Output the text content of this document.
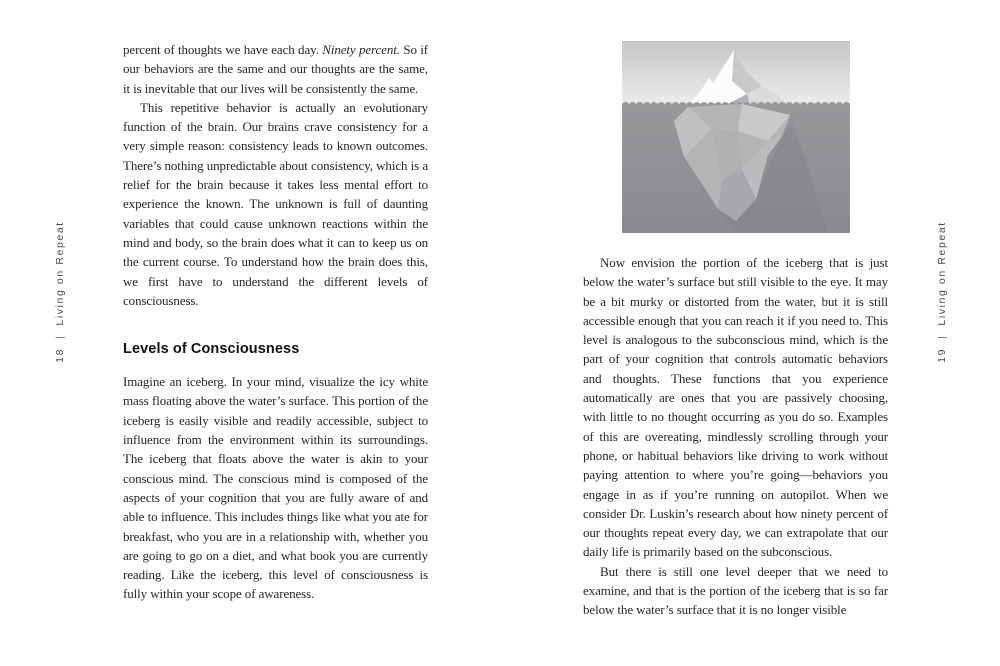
18|Living on Repeat
19|Living on Repeat

percent of thoughts we have each day. Ninety percent. So if our behaviors are the same and our thoughts are the same, it is inevitable that our lives will be consistently the same.

This repetitive behavior is actually an evolutionary function of the brain. Our brains crave consistency for a very simple reason: consistency leads to known outcomes. There’s nothing unpredictable about consistency, which is a relief for the brain because it takes less mental effort to experience the known. The unknown is full of daunting variables that could cause unknown reactions within the mind and body, so the brain does what it can to keep us on the current course. To understand how the brain does this, we first have to understand the different levels of consciousness.

Levels of Consciousness

Imagine an iceberg. In your mind, visualize the icy white mass floating above the water’s surface. This portion of the iceberg is easily visible and readily accessible, subject to influence from the environment within its surroundings. The iceberg that floats above the water is akin to your conscious mind. The conscious mind is composed of the aspects of your cognition that you are fully aware of and able to influence. This includes things like what you ate for breakfast, who you are in a relationship with, whether you are going to go on a diet, and what book you are currently reading. Like the iceberg, this level of consciousness is fully within your scope of awareness.

Now envision the portion of the iceberg that is just below the water’s surface but still visible to the eye. It may be a bit murky or distorted from the water, but it is still accessible enough that you can reach it if you need to. This level is analogous to the subconscious mind, which is the part of your cognition that controls automatic behaviors and thoughts. These functions that you experience automatically are ones that you are passively choosing, with little to no thought occurring as you do so. Examples of this are overeating, mindlessly scrolling through your phone, or habitual behaviors like driving to work without paying attention to where you’re going—behaviors you engage in as if you’re running on autopilot. When we consider Dr. Luskin’s research about how ninety percent of our thoughts repeat every day, we can extrapolate that our daily life is primarily based on the subconscious.

But there is still one level deeper that we need to examine, and that is the portion of the iceberg that is so far below the water’s surface that it is no longer visible
